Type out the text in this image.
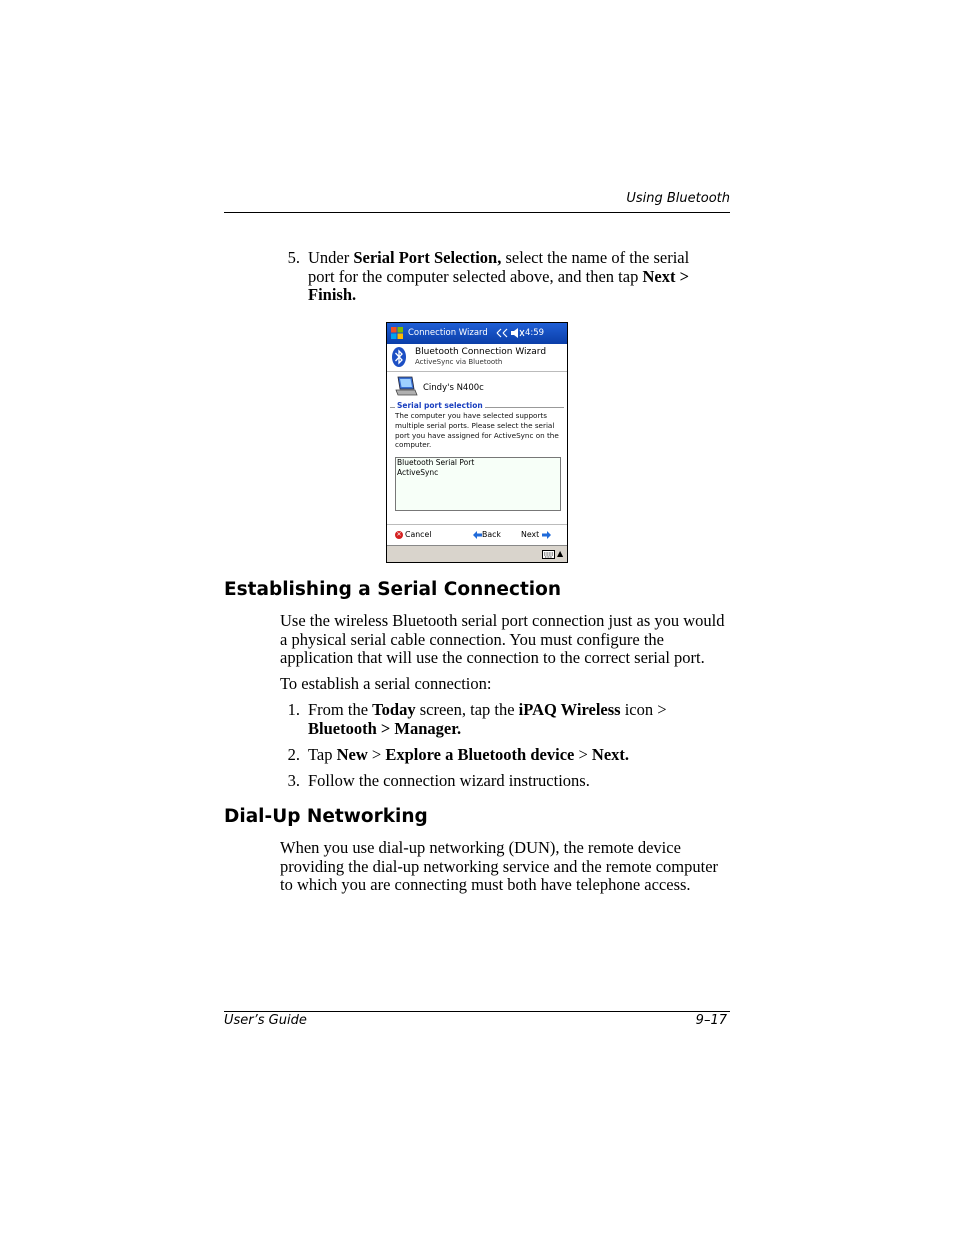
Using Bluetooth
5. Under Serial Port Selection, select the name of the serial port for the computer selected above, and then tap Next > Finish.
Connection Wizard	4:59
Bluetooth Connection Wizard
ActiveSync via Bluetooth
Cindy's N400c
Serial port selection
The computer you have selected supports multiple serial ports. Please select the serial port you have assigned for ActiveSync on the computer.
Bluetooth Serial Port
ActiveSync
✕ Cancel	Back	Next
▲
Establishing a Serial Connection
Use the wireless Bluetooth serial port connection just as you would a physical serial cable connection. You must configure the application that will use the connection to the correct serial port.
To establish a serial connection:
1. From the Today screen, tap the iPAQ Wireless icon > Bluetooth > Manager.
2. Tap New > Explore a Bluetooth device > Next.
3. Follow the connection wizard instructions.
Dial-Up Networking
When you use dial-up networking (DUN), the remote device providing the dial-up networking service and the remote computer to which you are connecting must both have telephone access.
User’s Guide	9–17
